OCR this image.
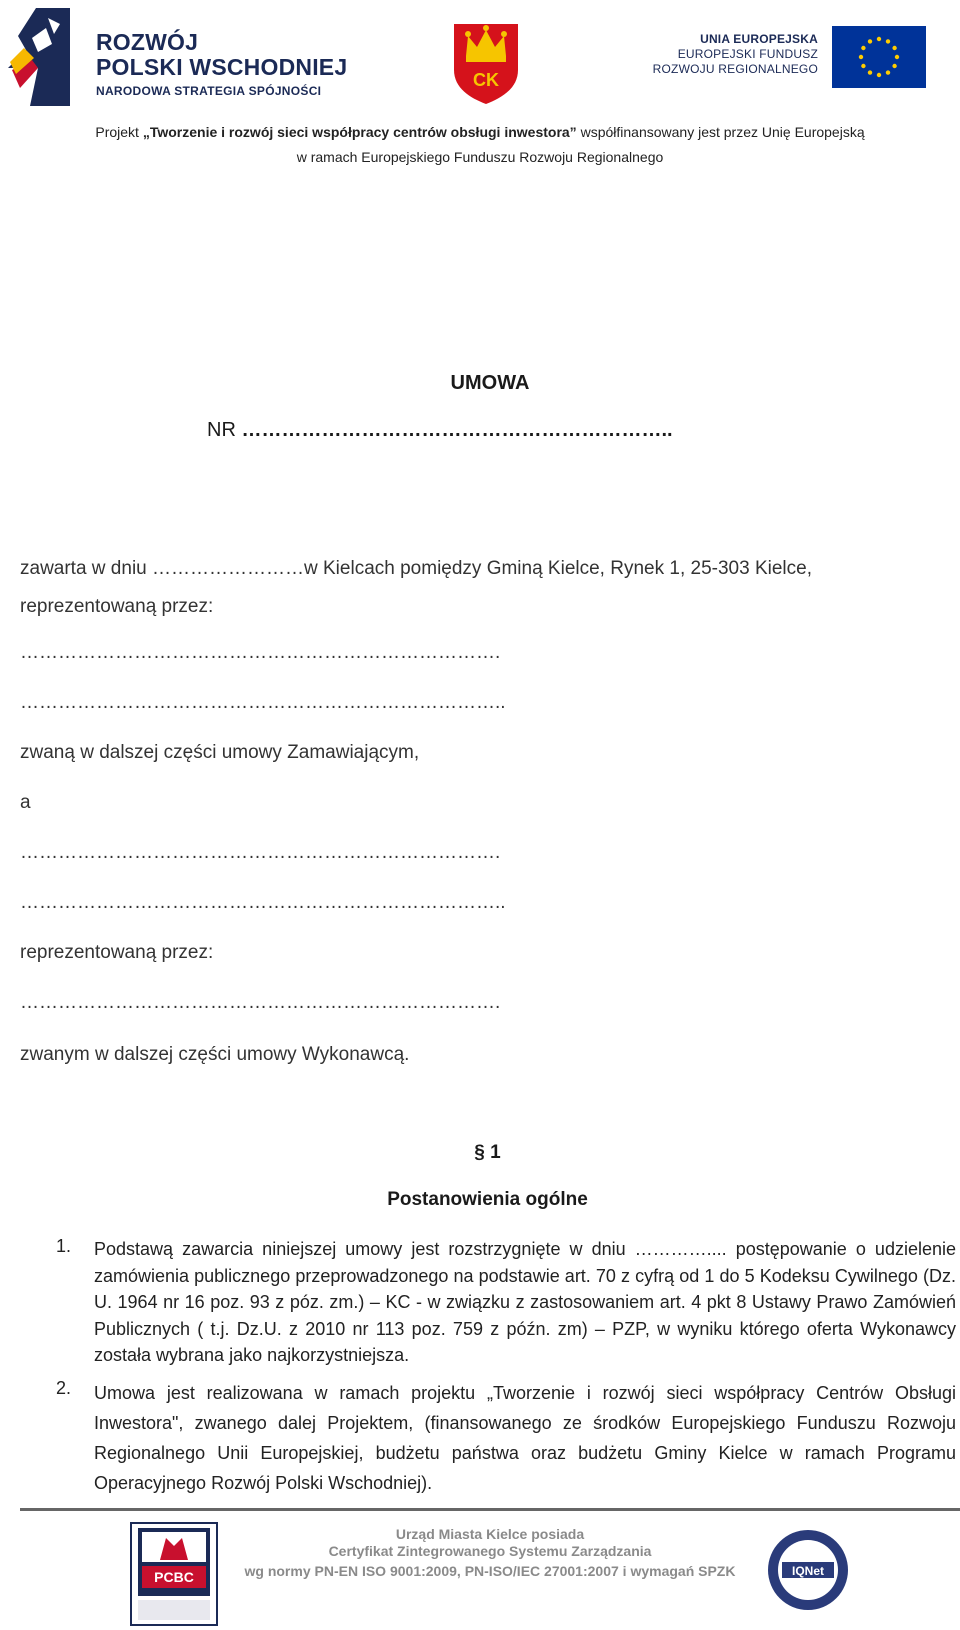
ROZWÓJ
POLSKI WSCHODNIEJ
NARODOWA STRATEGIA SPÓJNOŚCI
CK
UNIA EUROPEJSKA
EUROPEJSKI FUNDUSZ
ROZWOJU REGIONALNEGO
Projekt „Tworzenie i rozwój sieci współpracy centrów obsługi inwestora” współfinansowany jest przez Unię Europejską
w ramach Europejskiego Funduszu Rozwoju Regionalnego
UMOWA
NR ………………………………………………………..
zawarta w dniu ……………………w Kielcach pomiędzy Gminą Kielce, Rynek 1, 25-303 Kielce,
reprezentowaną przez:
………………………………………………………………….
…………………………………………………………………..
zwaną w dalszej części umowy Zamawiającym,
a
………………………………………………………………….
…………………………………………………………………..
reprezentowaną przez:
………………………………………………………………….
zwanym w dalszej części umowy Wykonawcą.
§ 1
Postanowienia ogólne
1. Podstawą zawarcia niniejszej umowy jest rozstrzygnięte w dniu ………….... postępowanie o udzielenie zamówienia publicznego przeprowadzonego na podstawie art. 70 z cyfrą od 1 do 5 Kodeksu Cywilnego (Dz. U. 1964 nr 16 poz. 93 z póz. zm.) – KC - w związku z zastosowaniem art. 4 pkt 8 Ustawy Prawo Zamówień Publicznych ( t.j. Dz.U. z 2010 nr 113 poz. 759 z późn. zm) – PZP, w wyniku którego oferta Wykonawcy została wybrana jako najkorzystniejsza.
2. Umowa jest realizowana w ramach projektu „Tworzenie i rozwój sieci współpracy Centrów Obsługi Inwestora", zwanego dalej Projektem, (finansowanego ze środków Europejskiego Funduszu Rozwoju Regionalnego Unii Europejskiej, budżetu państwa oraz budżetu Gminy Kielce w ramach Programu Operacyjnego Rozwój Polski Wschodniej).
PCBC
Urząd Miasta Kielce posiada
Certyfikat Zintegrowanego Systemu Zarządzania
wg normy PN-EN ISO 9001:2009, PN-ISO/IEC 27001:2007 i wymagań SPZK	IQNet
